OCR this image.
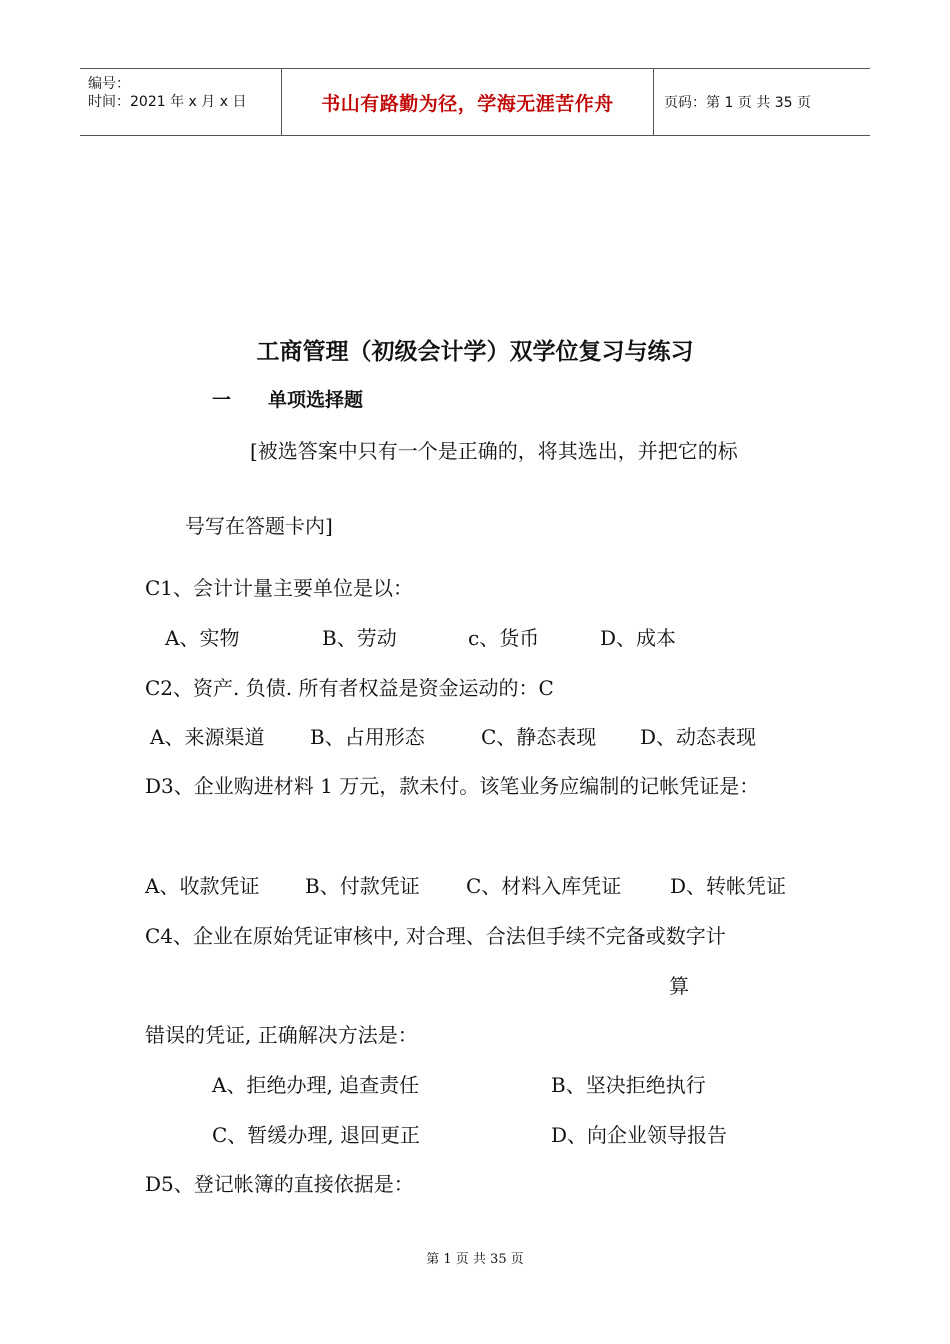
编号：
时间：2021 年 x 月 x 日	书山有路勤为径，学海无涯苦作舟	页码：第 1 页 共 35 页
工商管理（初级会计学）双学位复习与练习
一 单项选择题
[被选答案中只有一个是正确的，将其选出，并把它的标
号写在答题卡内]
C1、会计计量主要单位是以：
A、实物	B、劳动	c、货币	D、成本
C2、资产. 负债. 所有者权益是资金运动的：C
A、来源渠道 B、占用形态	C、静态表现 D、动态表现
D3、企业购进材料 1 万元，款未付。该笔业务应编制的记帐凭证是：
A、收款凭证 B、付款凭证 C、材料入库凭证 D、转帐凭证
C4、企业在原始凭证审核中, 对合理、合法但手续不完备或数字计
算
错误的凭证, 正确解决方法是：
A、拒绝办理, 追查责任	B、坚决拒绝执行
C、暂缓办理, 退回更正	D、向企业领导报告
D5、登记帐簿的直接依据是：
第 1 页 共 35 页
